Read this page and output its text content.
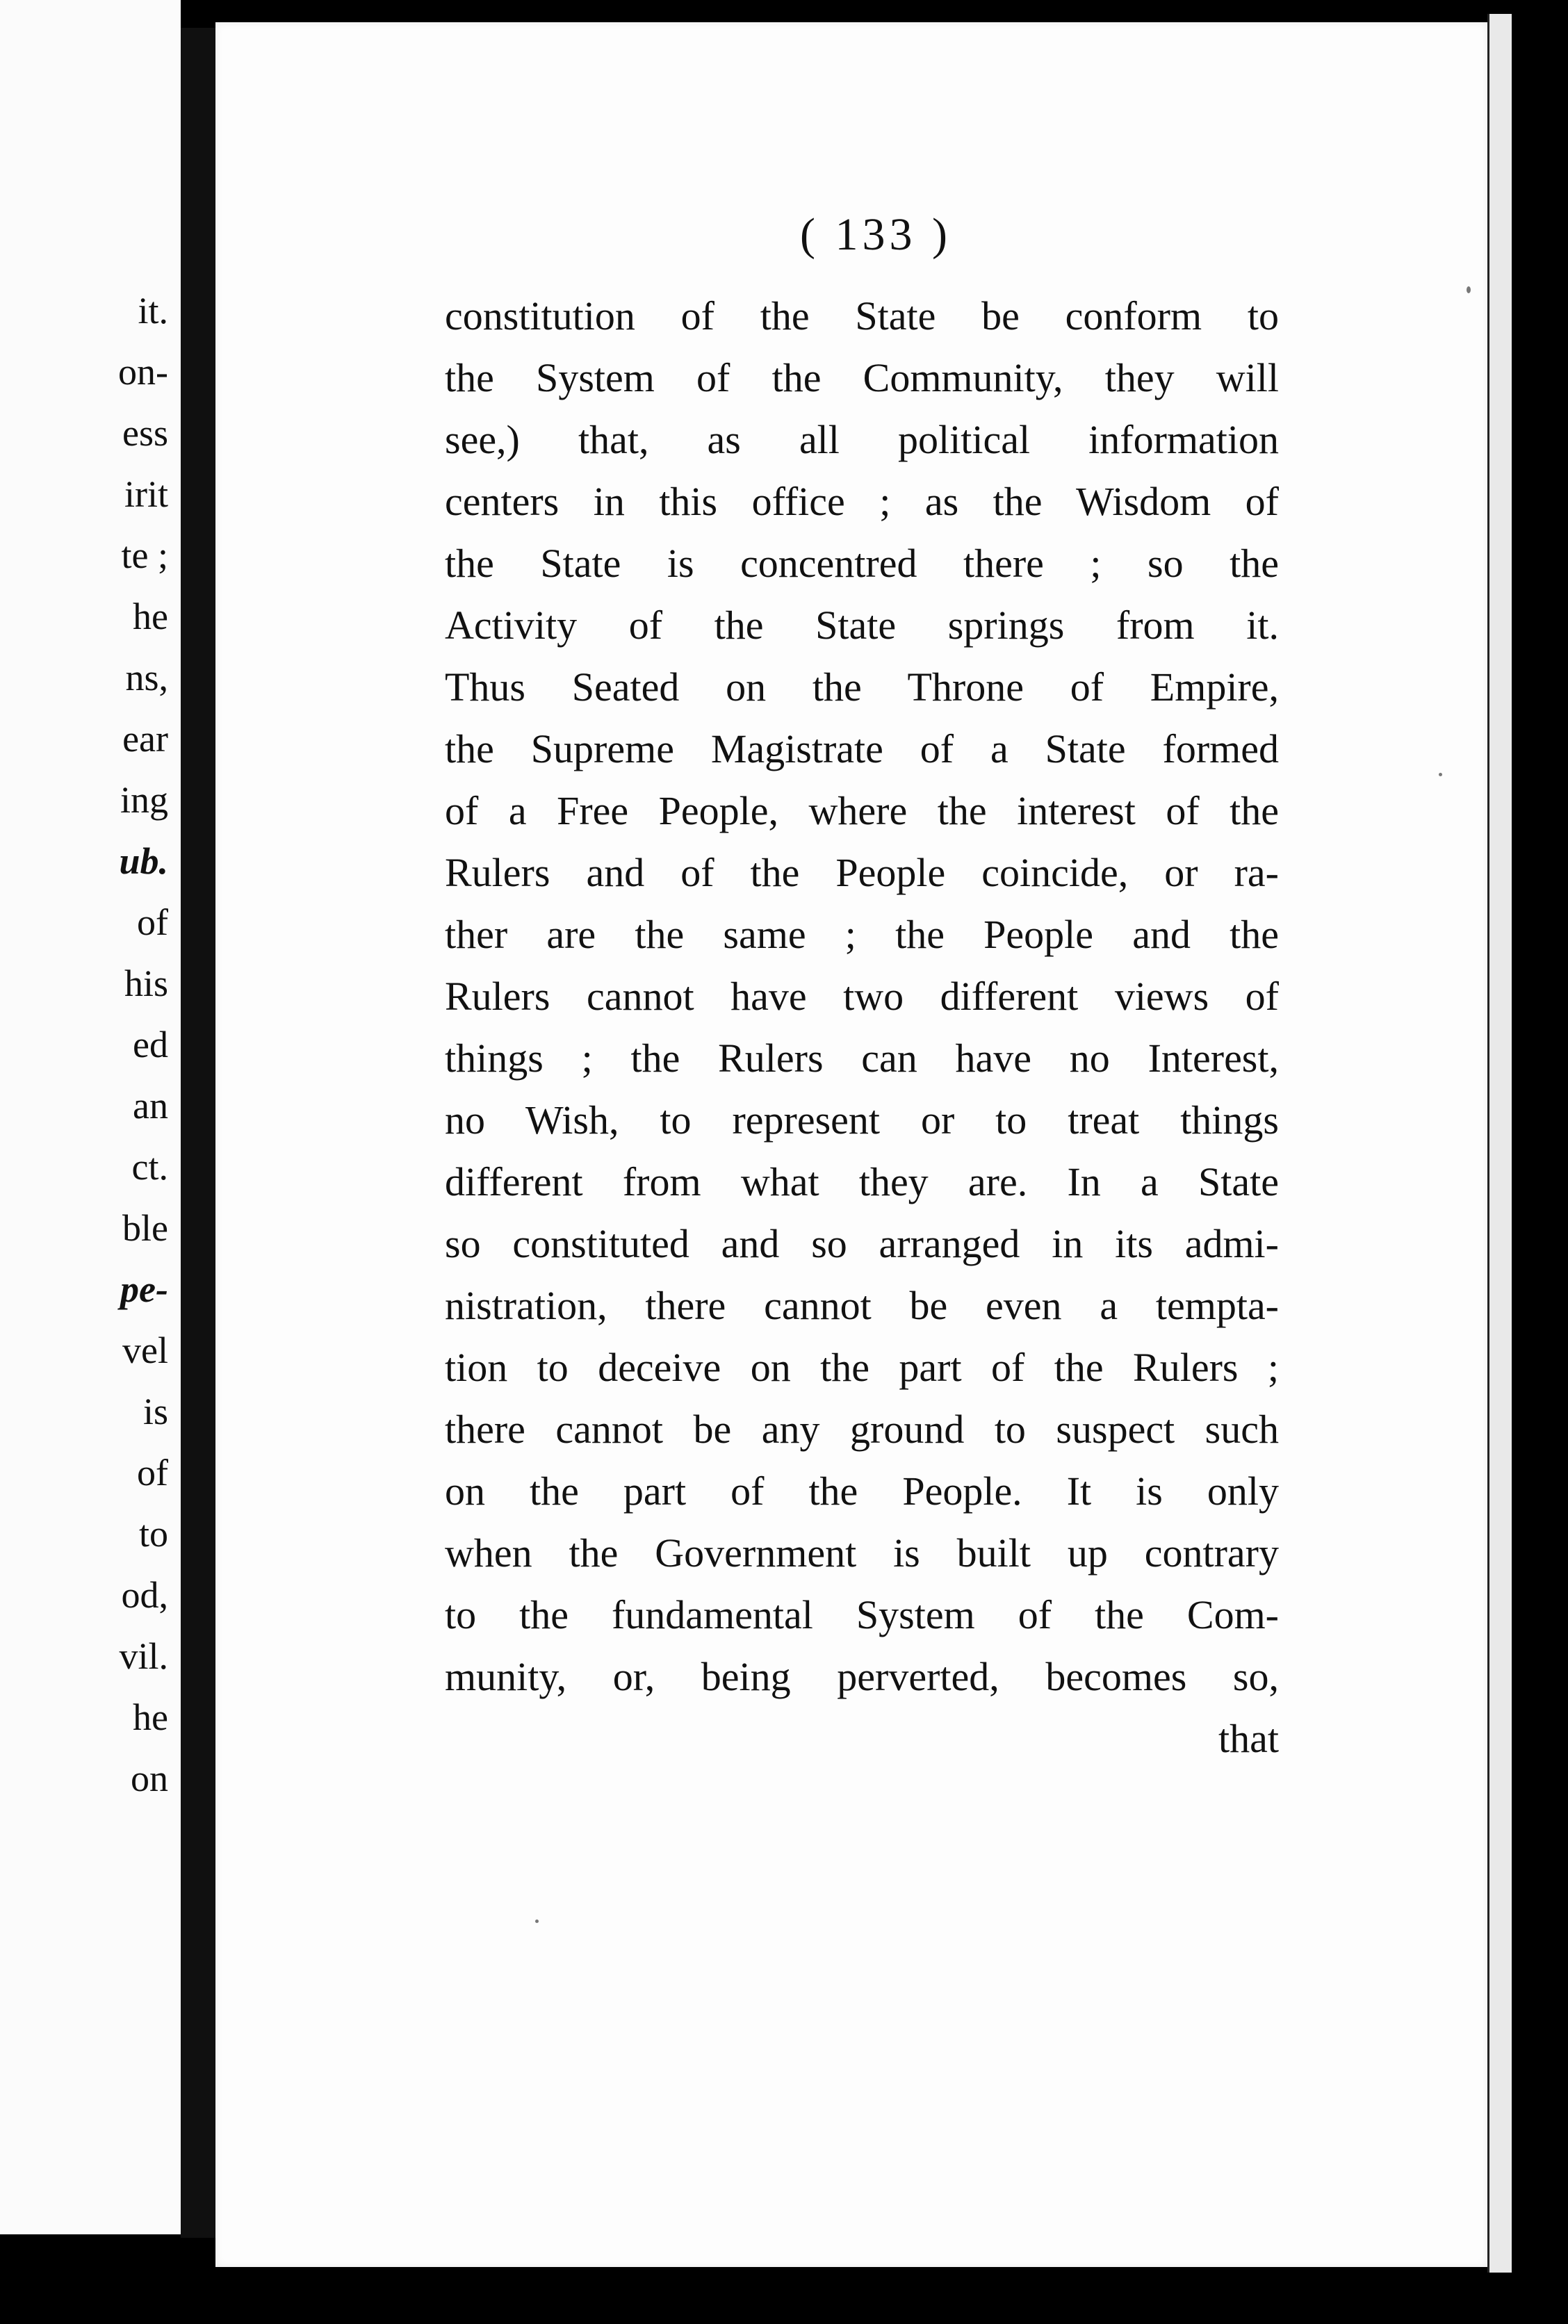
it.
on-
ess
irit
te ;
he
ns,
ear
ing
ub.
of
his
ed
an
ct.
ble
pe-
vel
is
of
to
od,
vil.
he
on
( 133 )
constitution of the State be conform to
the System of the Community, they will
see,) that, as all political information
centers in this office ; as the Wisdom of
the State is concentred there ; so the
Activity of the State springs from it.
Thus Seated on the Throne of Empire,
the Supreme Magistrate of a State formed
of a Free People, where the interest of the
Rulers and of the People coincide, or ra-
ther are the same ; the People and the
Rulers cannot have two different views of
things ; the Rulers can have no Interest,
no Wish, to represent or to treat things
different from what they are. In a State
so constituted and so arranged in its admi-
nistration, there cannot be even a tempta-
tion to deceive on the part of the Rulers ;
there cannot be any ground to suspect such
on the part of the People. It is only
when the Government is built up contrary
to the fundamental System of the Com-
munity, or, being perverted, becomes so,
that
